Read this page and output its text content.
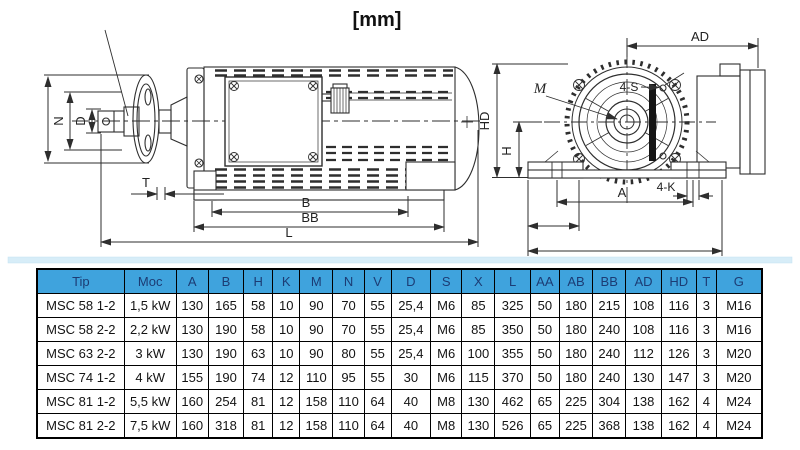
[mm]
N D
T
B
BB
L
HD
M	4-S
AD
H
A	4-K
Tip	Moc	A	B	H	K	M	N	V	D	S	X	L	AA	AB	BB	AD	HD	T	G
MSC 58 1-2	1,5 kW	130	165	58	10	90	70	55	25,4	M6	85	325	50	180	215	108	116	3	M16
MSC 58 2-2	2,2 kW	130	190	58	10	90	70	55	25,4	M6	85	350	50	180	240	108	116	3	M16
MSC 63 2-2	3 kW	130	190	63	10	90	80	55	25,4	M6	100	355	50	180	240	112	126	3	M20
MSC 74 1-2	4 kW	155	190	74	12	110	95	55	30	M6	115	370	50	180	240	130	147	3	M20
MSC 81 1-2	5,5 kW	160	254	81	12	158	110	64	40	M8	130	462	65	225	304	138	162	4	M24
MSC 81 2-2	7,5 kW	160	318	81	12	158	110	64	40	M8	130	526	65	225	368	138	162	4	M24
